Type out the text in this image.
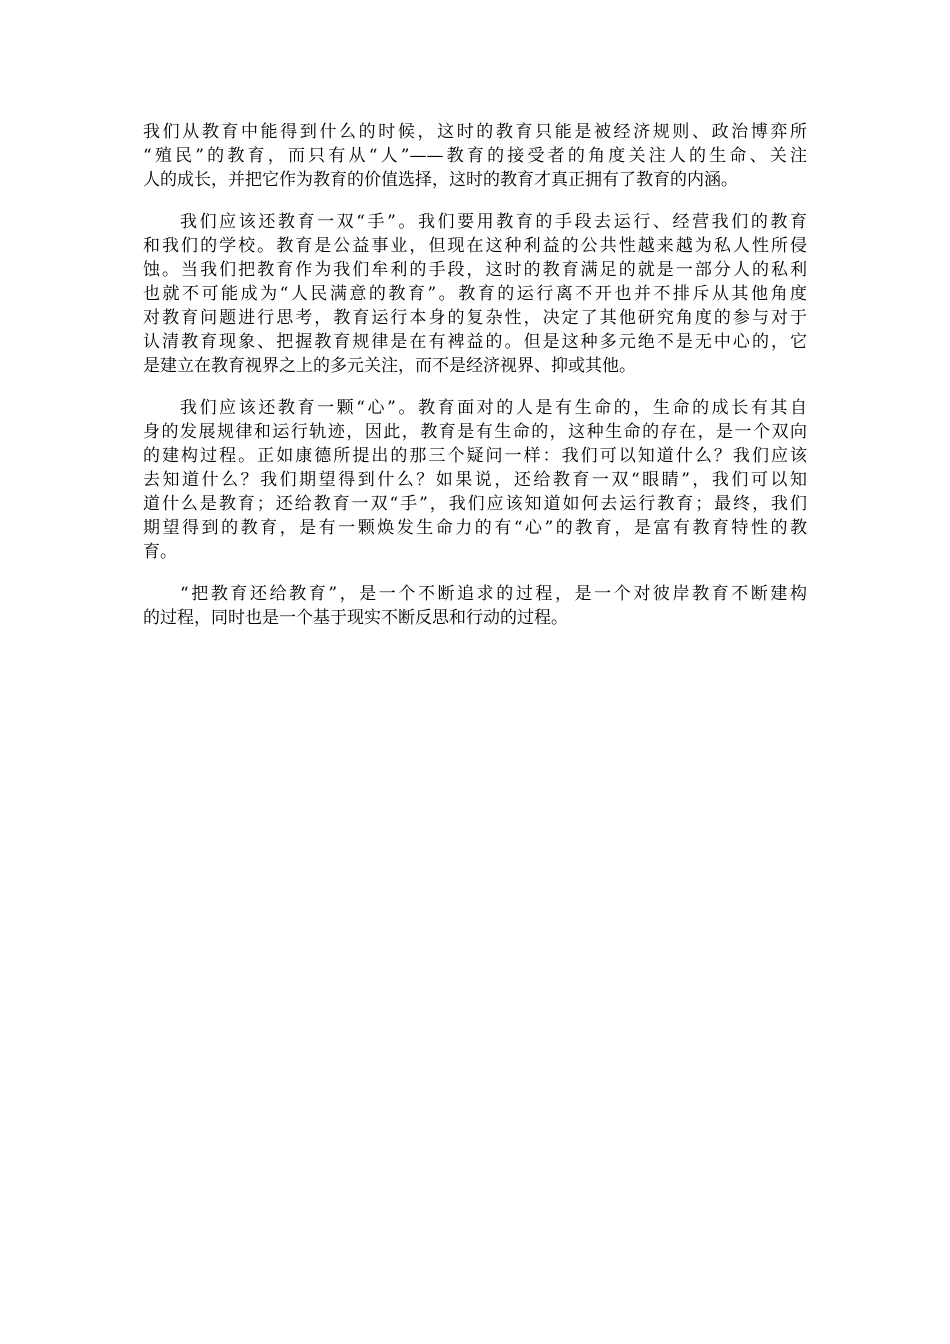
我们从教育中能得到什么的时候，这时的教育只能是被经济规则、政治博弈所
“殖民”的教育，而只有从“人”——教育的接受者的角度关注人的生命、关注
人的成长，并把它作为教育的价值选择，这时的教育才真正拥有了教育的内涵。

我们应该还教育一双“手”。我们要用教育的手段去运行、经营我们的教育
和我们的学校。教育是公益事业，但现在这种利益的公共性越来越为私人性所侵
蚀。当我们把教育作为我们牟利的手段，这时的教育满足的就是一部分人的私利
也就不可能成为“人民满意的教育”。教育的运行离不开也并不排斥从其他角度
对教育问题进行思考，教育运行本身的复杂性，决定了其他研究角度的参与对于
认清教育现象、把握教育规律是在有裨益的。但是这种多元绝不是无中心的，它
是建立在教育视界之上的多元关注，而不是经济视界、抑或其他。

我们应该还教育一颗“心”。教育面对的人是有生命的，生命的成长有其自
身的发展规律和运行轨迹，因此，教育是有生命的，这种生命的存在，是一个双向
的建构过程。正如康德所提出的那三个疑问一样：我们可以知道什么？我们应该
去知道什么？我们期望得到什么？如果说，还给教育一双“眼睛”，我们可以知
道什么是教育；还给教育一双“手”，我们应该知道如何去运行教育；最终，我们
期望得到的教育，是有一颗焕发生命力的有“心”的教育，是富有教育特性的教
育。

“把教育还给教育”，是一个不断追求的过程，是一个对彼岸教育不断建构
的过程，同时也是一个基于现实不断反思和行动的过程。
